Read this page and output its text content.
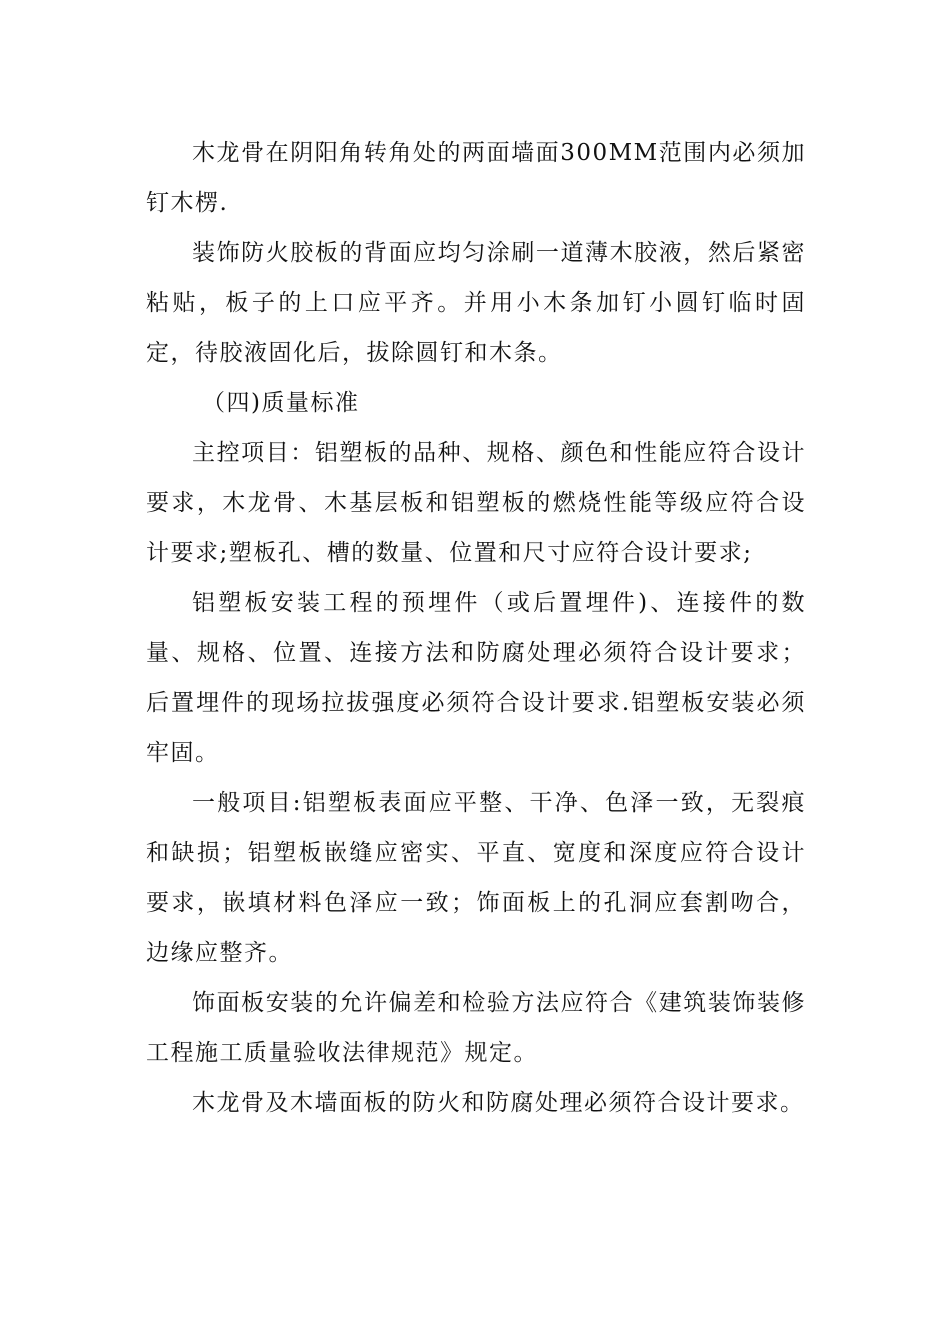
木龙骨在阴阳角转角处的两面墙面300MM范围内必须加钉木楞.

装饰防火胶板的背面应均匀涂刷一道薄木胶液，然后紧密粘贴，板子的上口应平齐。并用小木条加钉小圆钉临时固定，待胶液固化后，拔除圆钉和木条。

（四)质量标准

主控项目：铝塑板的品种、规格、颜色和性能应符合设计要求，木龙骨、木基层板和铝塑板的燃烧性能等级应符合设计要求;塑板孔、槽的数量、位置和尺寸应符合设计要求;

铝塑板安装工程的预埋件（或后置埋件)、连接件的数量、规格、位置、连接方法和防腐处理必须符合设计要求；后置埋件的现场拉拔强度必须符合设计要求.铝塑板安装必须牢固。

一般项目:铝塑板表面应平整、干净、色泽一致，无裂痕和缺损；铝塑板嵌缝应密实、平直、宽度和深度应符合设计要求，嵌填材料色泽应一致；饰面板上的孔洞应套割吻合，边缘应整齐。

饰面板安装的允许偏差和检验方法应符合《建筑装饰装修工程施工质量验收法律规范》规定。

木龙骨及木墙面板的防火和防腐处理必须符合设计要求。
